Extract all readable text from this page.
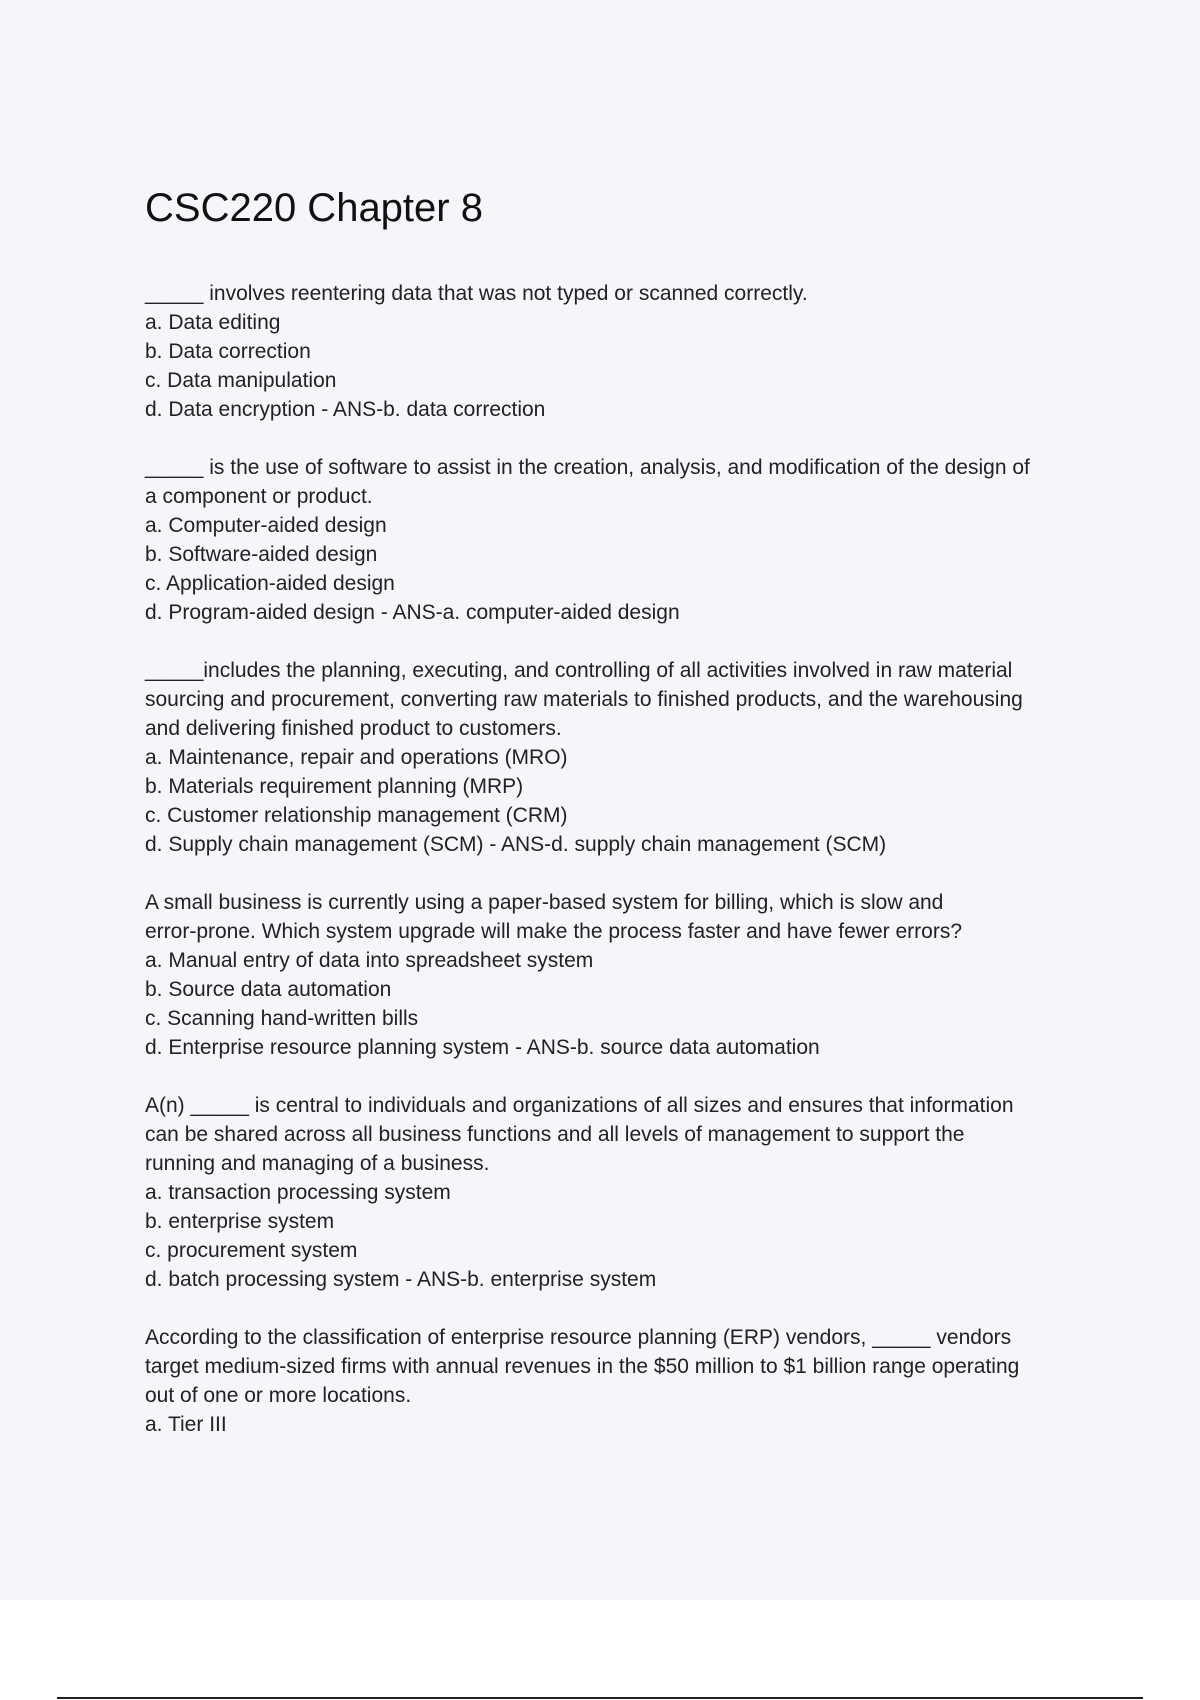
CSC220 Chapter 8
_____ involves reentering data that was not typed or scanned correctly.
a. Data editing
b. Data correction
c. Data manipulation
d. Data encryption - ANS-b. data correction
_____ is the use of software to assist in the creation, analysis, and modification of the design of
a component or product.
a. Computer-aided design
b. Software-aided design
c. Application-aided design
d. Program-aided design - ANS-a. computer-aided design
_____includes the planning, executing, and controlling of all activities involved in raw material
sourcing and procurement, converting raw materials to finished products, and the warehousing
and delivering finished product to customers.
a. Maintenance, repair and operations (MRO)
b. Materials requirement planning (MRP)
c. Customer relationship management (CRM)
d. Supply chain management (SCM) - ANS-d. supply chain management (SCM)
A small business is currently using a paper-based system for billing, which is slow and
error-prone. Which system upgrade will make the process faster and have fewer errors?
a. Manual entry of data into spreadsheet system
b. Source data automation
c. Scanning hand-written bills
d. Enterprise resource planning system - ANS-b. source data automation
A(n) _____ is central to individuals and organizations of all sizes and ensures that information
can be shared across all business functions and all levels of management to support the
running and managing of a business.
a. transaction processing system
b. enterprise system
c. procurement system
d. batch processing system - ANS-b. enterprise system
According to the classification of enterprise resource planning (ERP) vendors, _____ vendors
target medium-sized firms with annual revenues in the $50 million to $1 billion range operating
out of one or more locations.
a. Tier III
